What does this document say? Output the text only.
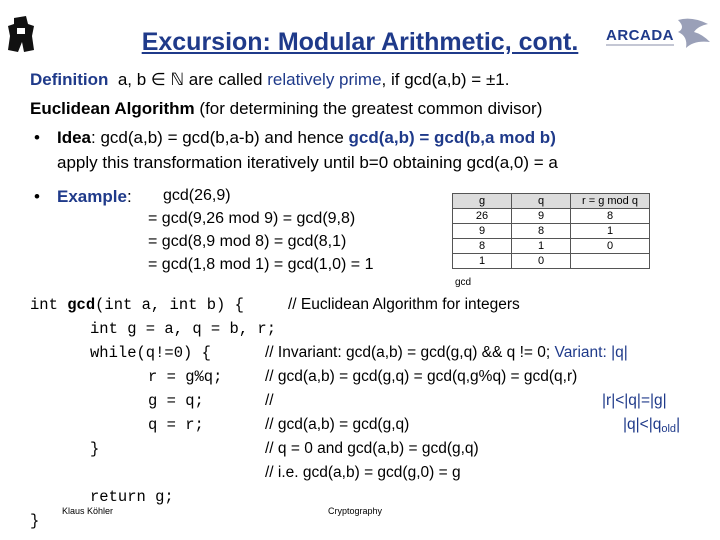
Excursion: Modular Arithmetic, cont.	ARCADA
Definition a, b ∈ ℕ are called relatively prime, if gcd(a,b) = ±1.
Euclidean Algorithm (for determining the greatest common divisor)
• Idea: gcd(a,b) = gcd(b,a-b) and hence gcd(a,b) = gcd(b,a mod b)
apply this transformation iteratively until b=0 obtaining gcd(a,0) = a
• Example: gcd(26,9)
= gcd(9,26 mod 9) = gcd(9,8)
= gcd(8,9 mod 8) = gcd(8,1)
= gcd(1,8 mod 1) = gcd(1,0) = 1
g	q	r = g mod q
26	9	8
9	8	1
8	1	0
1	0	
gcd
int gcd(int a, int b) {	// Euclidean Algorithm for integers
int g = a, q = b, r;
while(q!=0) {	// Invariant: gcd(a,b) = gcd(g,q) && q != 0; Variant: |q|
r = g%q;	// gcd(a,b) = gcd(g,q) = gcd(q,g%q) = gcd(q,r)
g = q;	//	|r|<|q|=|g|
q = r;	// gcd(a,b) = gcd(g,q)	$|q|<|q_{old}|$
}	// q = 0 and gcd(a,b) = gcd(g,q)
// i.e. gcd(a,b) = gcd(g,0) = g
return g;
}
Klaus Köhler	Cryptography
